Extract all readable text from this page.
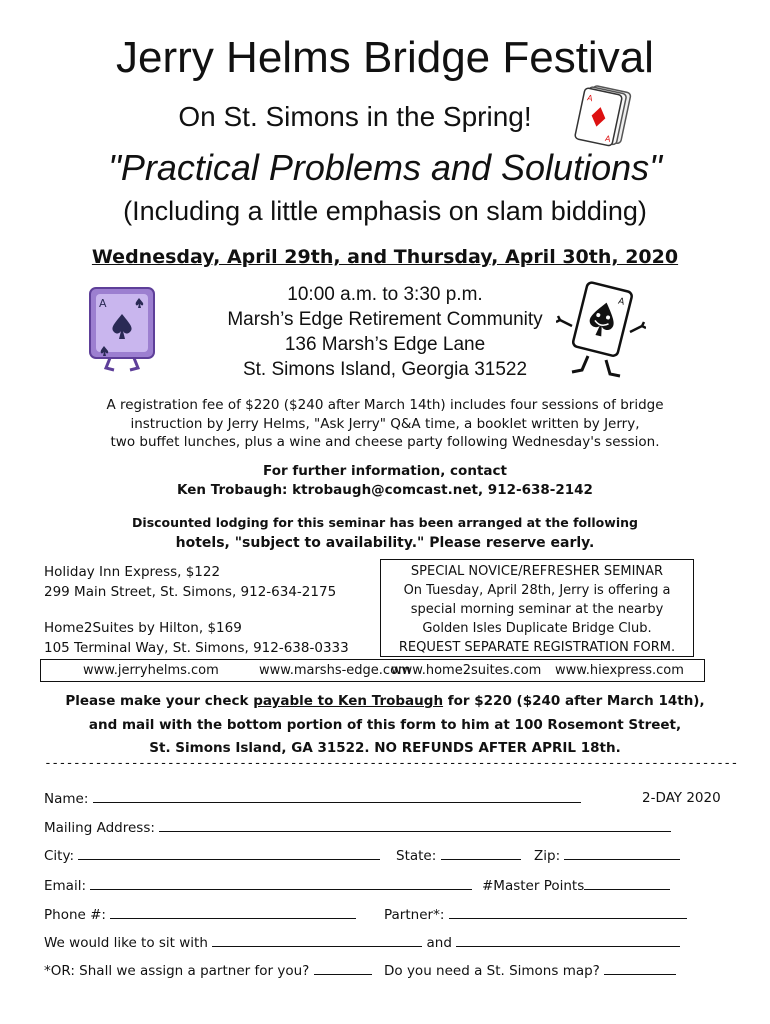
Jerry Helms Bridge Festival
On St. Simons in the Spring!
A
A
"Practical Problems and Solutions"
(Including a little emphasis on slam bidding)
Wednesday, April 29th, and Thursday, April 30th, 2020
A	10:00 a.m. to 3:30 p.m.
Marsh’s Edge Retirement Community
136 Marsh’s Edge Lane
St. Simons Island, Georgia 31522
A
A registration fee of $220 ($240 after March 14th) includes four sessions of bridge
instruction by Jerry Helms, "Ask Jerry" Q&A time, a booklet written by Jerry,
two buffet lunches, plus a wine and cheese party following Wednesday's session.
For further information, contact
Ken Trobaugh: ktrobaugh@comcast.net, 912-638-2142
Discounted lodging for this seminar has been arranged at the following
hotels, "subject to availability." Please reserve early.
Holiday Inn Express, $122
299 Main Street, St. Simons, 912-634-2175
Home2Suites by Hilton, $169
105 Terminal Way, St. Simons, 912-638-0333
SPECIAL NOVICE/REFRESHER SEMINAR
On Tuesday, April 28th, Jerry is offering a
special morning seminar at the nearby
Golden Isles Duplicate Bridge Club.
REQUEST SEPARATE REGISTRATION FORM.
www.jerryhelms.com	www.marshs-edge.com
www.home2suites.com www.hiexpress.com
Please make your check payable to Ken Trobaugh for $220 ($240 after March 14th),
and mail with the bottom portion of this form to him at 100 Rosemont Street,
St. Simons Island, GA 31522. NO REFUNDS AFTER APRIL 18th.
------------------------------------------------------------------------------------------------
Name:	2-DAY 2020
Mailing Address:
City:	State:	Zip:
Email:	#Master Points
Phone #:	Partner*:
We would like to sit with	and
*OR: Shall we assign a partner for you?	Do you need a St. Simons map?
